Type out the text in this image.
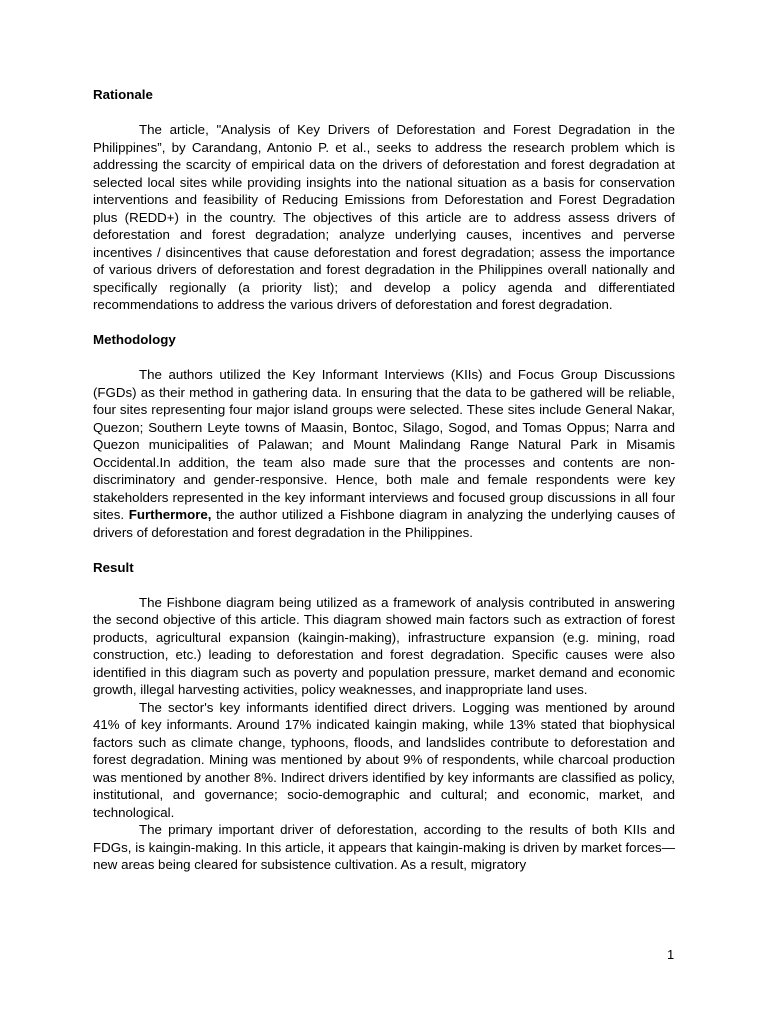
Rationale

The article, "Analysis of Key Drivers of Deforestation and Forest Degradation in the Philippines”, by Carandang, Antonio P. et al., seeks to address the research problem which is addressing the scarcity of empirical data on the drivers of deforestation and forest degradation at selected local sites while providing insights into the national situation as a basis for conservation interventions and feasibility of Reducing Emissions from Deforestation and Forest Degradation plus (REDD+) in the country. The objectives of this article are to address assess drivers of deforestation and forest degradation; analyze underlying causes, incentives and perverse incentives / disincentives that cause deforestation and forest degradation; assess the importance of various drivers of deforestation and forest degradation in the Philippines overall nationally and specifically regionally (a priority list); and develop a policy agenda and differentiated recommendations to address the various drivers of deforestation and forest degradation.

Methodology

The authors utilized the Key Informant Interviews (KIIs) and Focus Group Discussions (FGDs) as their method in gathering data. In ensuring that the data to be gathered will be reliable, four sites representing four major island groups were selected. These sites include General Nakar, Quezon; Southern Leyte towns of Maasin, Bontoc, Silago, Sogod, and Tomas Oppus; Narra and Quezon municipalities of Palawan; and Mount Malindang Range Natural Park in Misamis Occidental.In addition, the team also made sure that the processes and contents are non-discriminatory and gender-responsive. Hence, both male and female respondents were key stakeholders represented in the key informant interviews and focused group discussions in all four sites. Furthermore, the author utilized a Fishbone diagram in analyzing the underlying causes of drivers of deforestation and forest degradation in the Philippines.

Result

The Fishbone diagram being utilized as a framework of analysis contributed in answering the second objective of this article. This diagram showed main factors such as extraction of forest products, agricultural expansion (kaingin-making), infrastructure expansion (e.g. mining, road construction, etc.) leading to deforestation and forest degradation. Specific causes were also identified in this diagram such as poverty and population pressure, market demand and economic growth, illegal harvesting activities, policy weaknesses, and inappropriate land uses.

The sector's key informants identified direct drivers. Logging was mentioned by around 41% of key informants. Around 17% indicated kaingin making, while 13% stated that biophysical factors such as climate change, typhoons, floods, and landslides contribute to deforestation and forest degradation. Mining was mentioned by about 9% of respondents, while charcoal production was mentioned by another 8%. Indirect drivers identified by key informants are classified as policy, institutional, and governance; socio-demographic and cultural; and economic, market, and technological.

The primary important driver of deforestation, according to the results of both KIIs and FDGs, is kaingin-making. In this article, it appears that kaingin-making is driven by market forces—new areas being cleared for subsistence cultivation. As a result, migratory

1
